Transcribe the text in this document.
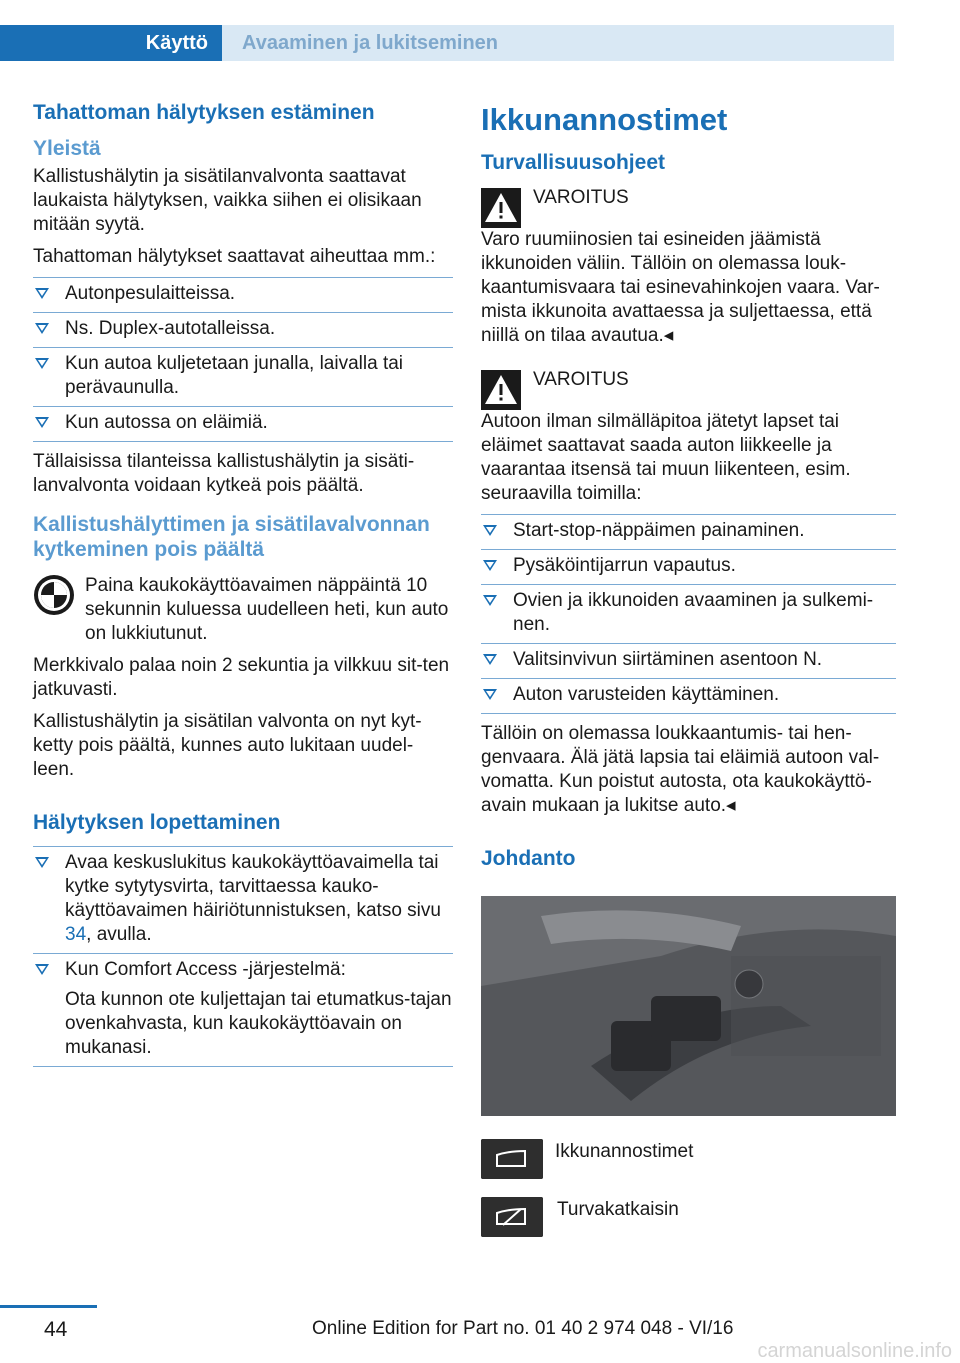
Käyttö	Avaaminen ja lukitseminen
Tahattoman hälytyksen estäminen
Yleistä

Kallistushälytin ja sisätilanvalvonta saattavat laukaista hälytyksen, vaikka siihen ei olisikaan mitään syytä.

Tahattoman hälytykset saattavat aiheuttaa mm.:

Autonpesulaitteissa.
Ns. Duplex-autotalleissa.
Kun autoa kuljetetaan junalla, laivalla tai perävaunulla.
Kun autossa on eläimiä.

Tällaisissa tilanteissa kallistushälytin ja sisäti-lanvalvonta voidaan kytkeä pois päältä.

Kallistushälyttimen ja sisätilavalvonnan kytkeminen pois päältä

Paina kaukokäyttöavaimen näppäintä 10 sekunnin kuluessa uudelleen heti, kun auto on lukkiutunut.

Merkkivalo palaa noin 2 sekuntia ja vilkkuu sit-ten jatkuvasti.

Kallistushälytin ja sisätilan valvonta on nyt kyt-ketty pois päältä, kunnes auto lukitaan uudel-leen.

Hälytyksen lopettaminen
Avaa keskuslukitus kaukokäyttöavaimella tai kytke sytytysvirta, tarvittaessa kauko-käyttöavaimen häiriötunnistuksen, katso sivu 34, avulla.
Kun Comfort Access -järjestelmä:

Ota kunnon ote kuljettajan tai etumatkus-tajan ovenkahvasta, kun kaukokäyttöavain on mukanasi.
Ikkunannostimet
Turvallisuusohjeet

VAROITUS

Varo ruumiinosien tai esineiden jäämistä ikkunoiden väliin. Tällöin on olemassa louk-kaantumisvaara tai esinevahinkojen vaara. Var-mista ikkunoita avattaessa ja suljettaessa, että niillä on tilaa avautua.◂

VAROITUS

Autoon ilman silmälläpitoa jätetyt lapset tai eläimet saattavat saada auton liikkeelle ja vaarantaa itsensä tai muun liikenteen, esim. seuraavilla toimilla:

Start-stop-näppäimen painaminen.
Pysäköintijarrun vapautus.
Ovien ja ikkunoiden avaaminen ja sulkemi-nen.
Valitsinvivun siirtäminen asentoon N.
Auton varusteiden käyttäminen.

Tällöin on olemassa loukkaantumis- tai hen-genvaara. Älä jätä lapsia tai eläimiä autoon val-vomatta. Kun poistut autosta, ota kaukokäyttö-avain mukaan ja lukitse auto.◂

Johdanto
Ikkunannostimet
Turvakatkaisin
44	Online Edition for Part no. 01 40 2 974 048 - VI/16
carmanualsonline.info
